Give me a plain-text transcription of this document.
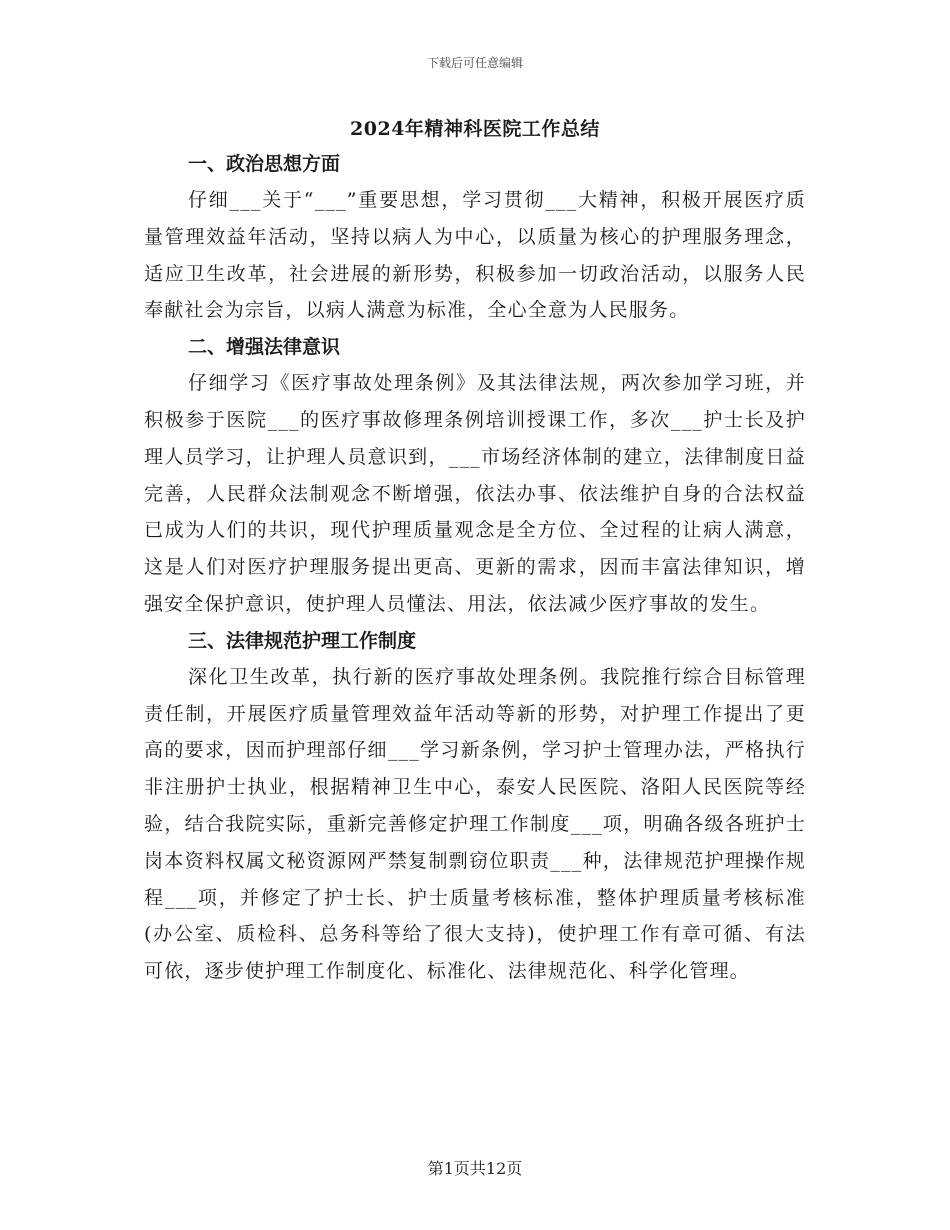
下载后可任意编辑
2024年精神科医院工作总结

一、政治思想方面

仔细___关于“___”重要思想，学习贯彻___大精神，积极开展医疗质量管理效益年活动，坚持以病人为中心，以质量为核心的护理服务理念，适应卫生改革，社会进展的新形势，积极参加一切政治活动，以服务人民奉献社会为宗旨，以病人满意为标准，全心全意为人民服务。

二、增强法律意识

仔细学习《医疗事故处理条例》及其法律法规，两次参加学习班，并积极参于医院___的医疗事故修理条例培训授课工作，多次___护士长及护理人员学习，让护理人员意识到，___市场经济体制的建立，法律制度日益完善，人民群众法制观念不断增强，依法办事、依法维护自身的合法权益已成为人们的共识，现代护理质量观念是全方位、全过程的让病人满意，这是人们对医疗护理服务提出更高、更新的需求，因而丰富法律知识，增强安全保护意识，使护理人员懂法、用法，依法减少医疗事故的发生。

三、法律规范护理工作制度

深化卫生改革，执行新的医疗事故处理条例。我院推行综合目标管理责任制，开展医疗质量管理效益年活动等新的形势，对护理工作提出了更高的要求，因而护理部仔细___学习新条例，学习护士管理办法，严格执行非注册护士执业，根据精神卫生中心，泰安人民医院、洛阳人民医院等经验，结合我院实际，重新完善修定护理工作制度___项，明确各级各班护士岗本资料权属文秘资源网严禁复制剽窃位职责___种，法律规范护理操作规程___项，并修定了护士长、护士质量考核标准，整体护理质量考核标准(办公室、质检科、总务科等给了很大支持)，使护理工作有章可循、有法可依，逐步使护理工作制度化、标准化、法律规范化、科学化管理。

第1页共12页
